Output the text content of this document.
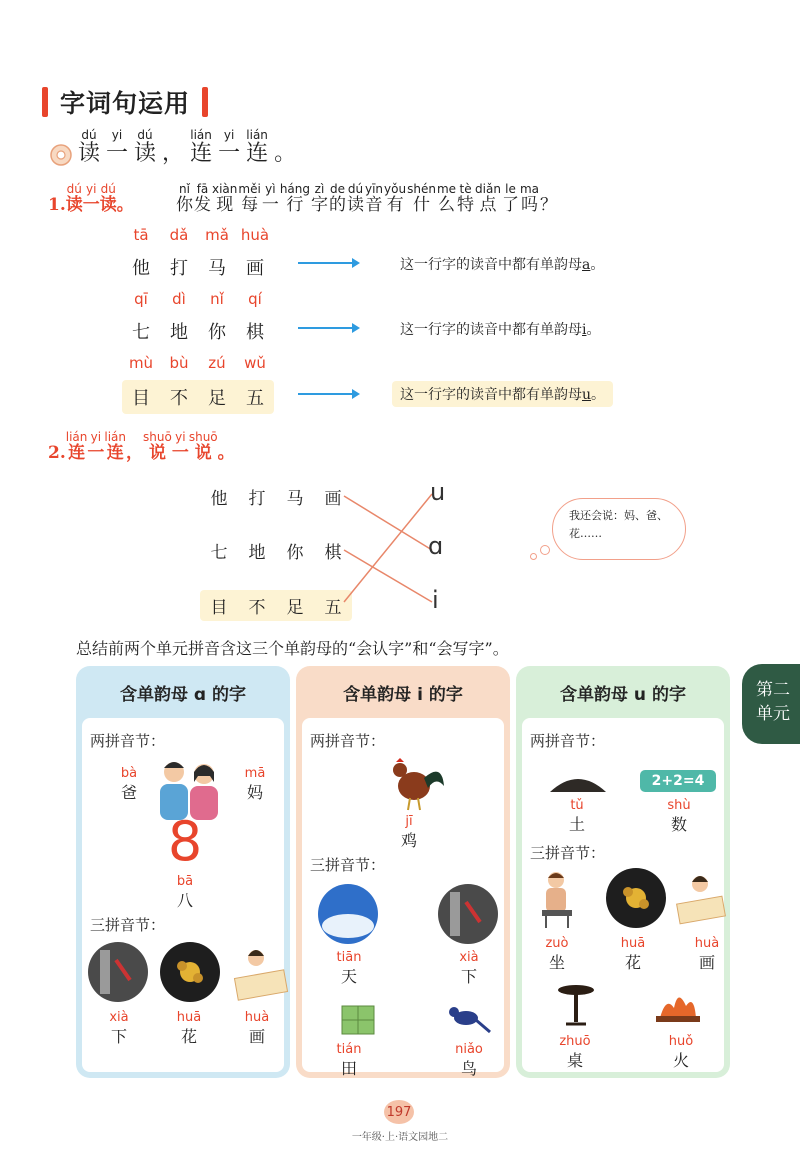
字词句运用
dú
读
yi
一
dú
读
，
lián
连
yi
一
lián
连
。

1.
dú
读
yi
一
dú
读
。
nǐ
你
fā
发
xiàn
现
měi
每
yì
一
háng
行
zì
字
de
的
dú
读
yīn
音
yǒu
有
shén
什
me
么
tè
特
diǎn
点
le
了
ma
吗
？
tā dǎ mǎ huà
他 打 马 画	这一行字的读音中都有单韵母a。
qī dì nǐ qí
七 地 你 棋	这一行字的读音中都有单韵母i。
mù bù zú wǔ
目 不 足 五	这一行字的读音中都有单韵母u。

2.
lián
连
yi
一
lián
连
，
shuō
说
yi
一
shuō
说
。
他 打 马 画
七 地 你 棋
目 不 足 五
u
ɑ
i
我还会说：妈、爸、花……
总结前两个单元拼音含这三个单韵母的“会认字”和“会写字”。
第二单元
含单韵母 ɑ 的字
两拼音节：
bà
爸
mā
妈
8
bā
八
三拼音节：
xià
下
huā
花
huà
画
含单韵母 i 的字
两拼音节：
jī
鸡
三拼音节：
tiān
天
xià
下
tián
田
niǎo
鸟
含单韵母 u 的字
两拼音节：
2+2=4
tǔ
土
shù
数
三拼音节：
zuò
坐
huā
花
huà
画
zhuō
桌
huǒ
火
197
一年级·上·语文园地二
